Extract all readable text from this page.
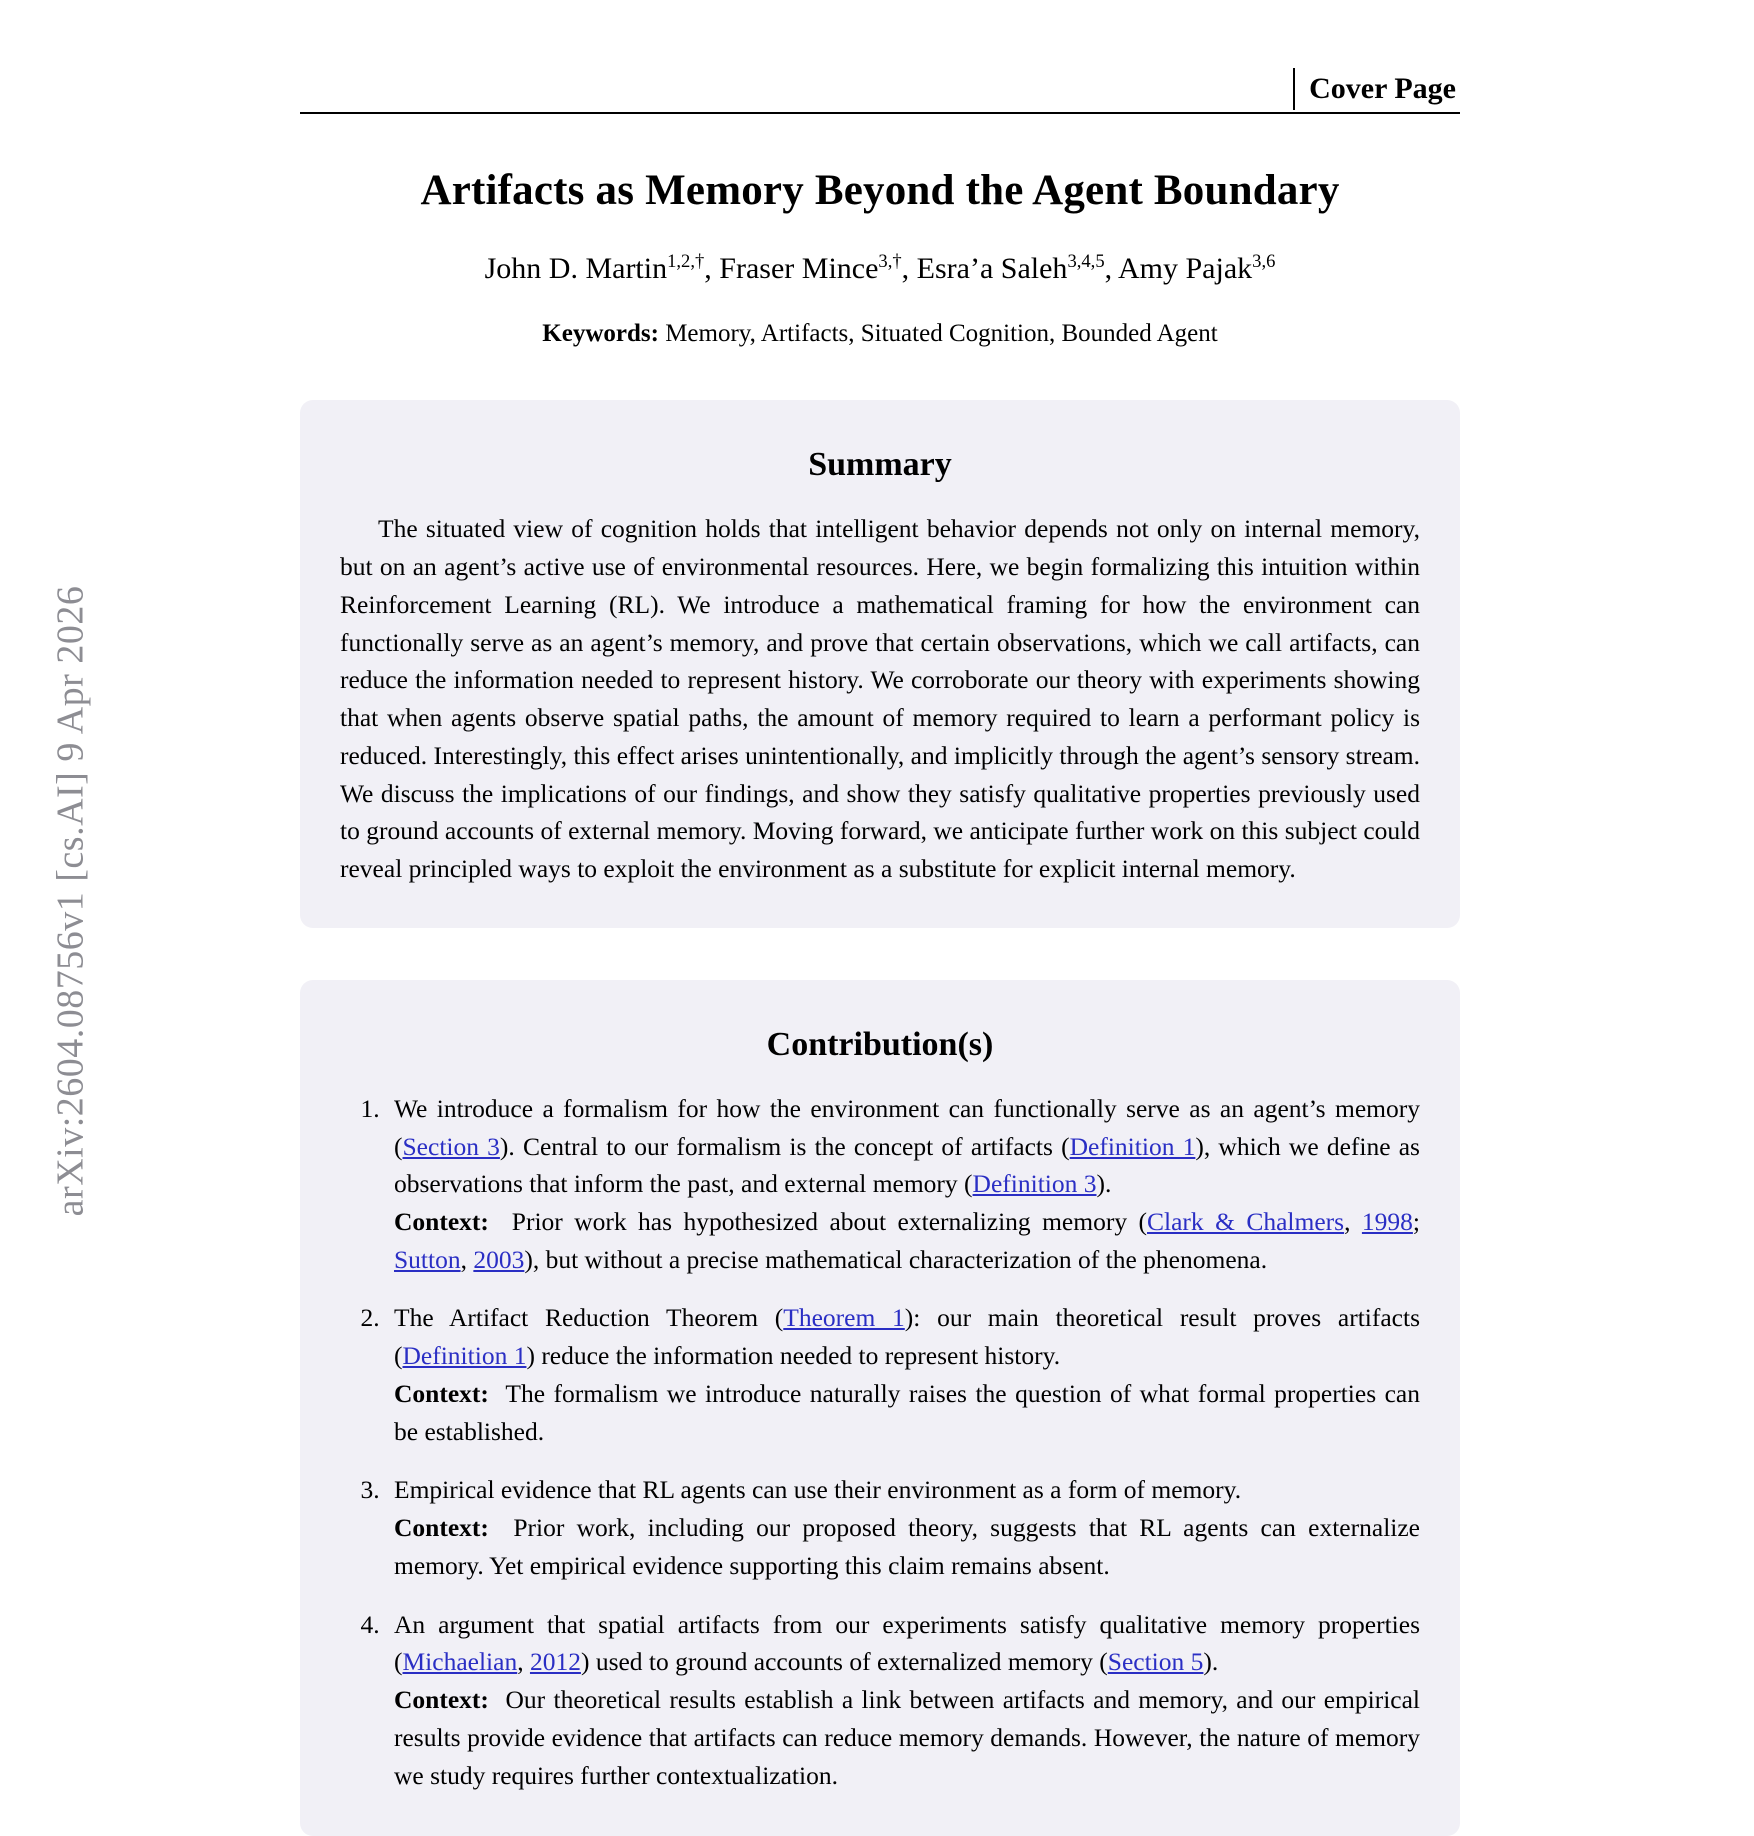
arXiv:2604.08756v1 [cs.AI] 9 Apr 2026
Cover Page
Artifacts as Memory Beyond the Agent Boundary
John D. Martin$^{1,2,\dagger}$, Fraser Mince$^{3,\dagger}$, Esra’a Saleh$^{3,4,5}$, Amy Pajak$^{3,6}$
Keywords: Memory, Artifacts, Situated Cognition, Bounded Agent
Summary

The situated view of cognition holds that intelligent behavior depends not only on internal memory, but on an agent’s active use of environmental resources. Here, we begin formalizing this intuition within Reinforcement Learning (RL). We introduce a mathematical framing for how the environment can functionally serve as an agent’s memory, and prove that certain observations, which we call artifacts, can reduce the information needed to represent history. We corroborate our theory with experiments showing that when agents observe spatial paths, the amount of memory required to learn a performant policy is reduced. Interestingly, this effect arises unintentionally, and implicitly through the agent’s sensory stream. We discuss the implications of our findings, and show they satisfy qualitative properties previously used to ground accounts of external memory. Moving forward, we anticipate further work on this subject could reveal principled ways to exploit the environment as a substitute for explicit internal memory.

Contribution(s)
1. We introduce a formalism for how the environment can functionally serve as an agent’s memory (Section 3). Central to our formalism is the concept of artifacts (Definition 1), which we define as observations that inform the past, and external memory (Definition 3).
Context: Prior work has hypothesized about externalizing memory (Clark & Chalmers, 1998; Sutton, 2003), but without a precise mathematical characterization of the phenomena.
2. The Artifact Reduction Theorem (Theorem 1): our main theoretical result proves artifacts (Definition 1) reduce the information needed to represent history.
Context: The formalism we introduce naturally raises the question of what formal properties can be established.
3. Empirical evidence that RL agents can use their environment as a form of memory.
Context: Prior work, including our proposed theory, suggests that RL agents can externalize memory. Yet empirical evidence supporting this claim remains absent.
4. An argument that spatial artifacts from our experiments satisfy qualitative memory properties (Michaelian, 2012) used to ground accounts of externalized memory (Section 5).
Context: Our theoretical results establish a link between artifacts and memory, and our empirical results provide evidence that artifacts can reduce memory demands. However, the nature of memory we study requires further contextualization.
